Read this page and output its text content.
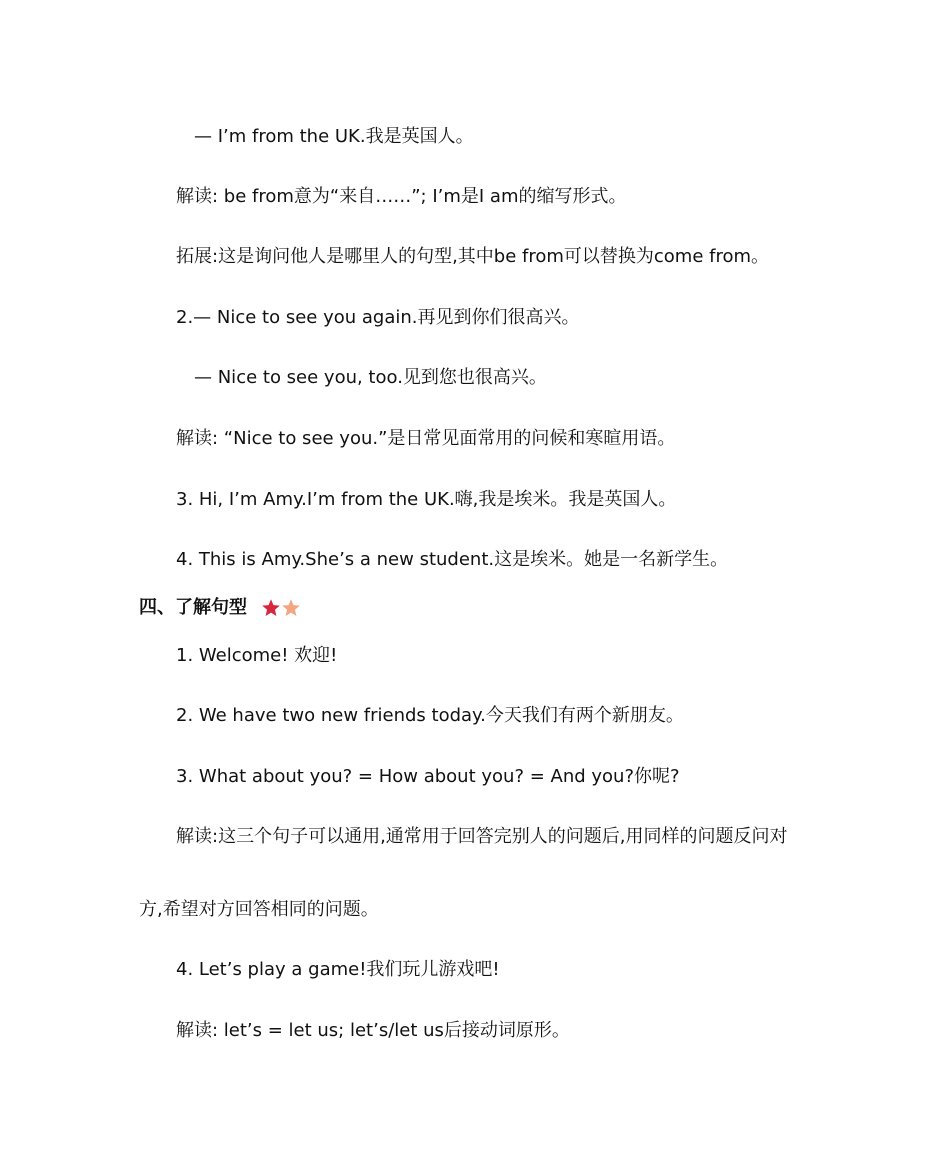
— I’m from the UK.我是英国人。
解读: be from意为“来自……”; I’m是I am的缩写形式。
拓展:这是询问他人是哪里人的句型,其中be from可以替换为come from。
2.— Nice to see you again.再见到你们很高兴。
— Nice to see you, too.见到您也很高兴。
解读: “Nice to see you.”是日常见面常用的问候和寒暄用语。
3. Hi, I’m Amy.I’m from the UK.嗨,我是埃米。我是英国人。
4. This is Amy.She’s a new student.这是埃米。她是一名新学生。
四、了解句型
1. Welcome! 欢迎!
2. We have two new friends today.今天我们有两个新朋友。
3. What about you? = How about you? = And you?你呢?
解读:这三个句子可以通用,通常用于回答完别人的问题后,用同样的问题反问对
方,希望对方回答相同的问题。
4. Let’s play a game!我们玩儿游戏吧!
解读: let’s = let us; let’s/let us后接动词原形。
